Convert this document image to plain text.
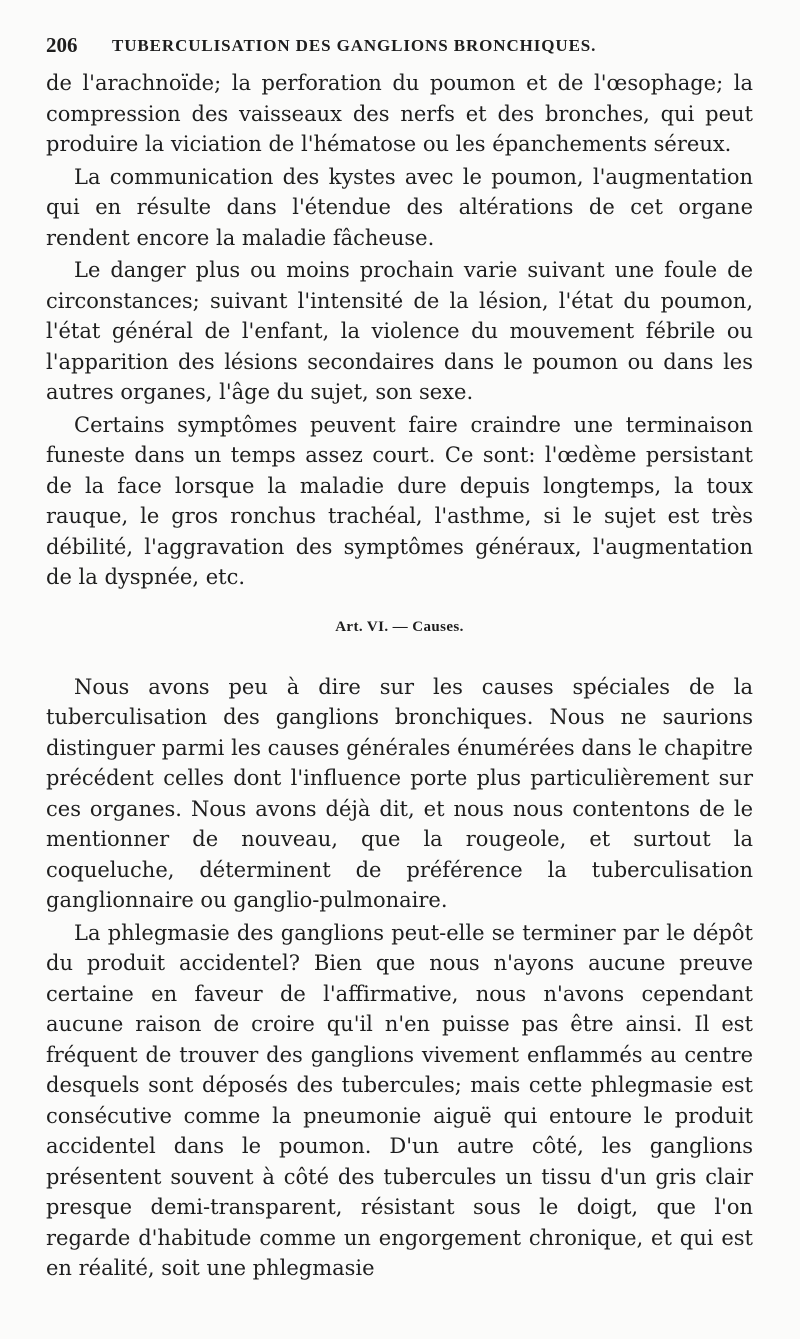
206 TUBERCULISATION DES GANGLIONS BRONCHIQUES.

de l'arachnoïde; la perforation du poumon et de l'œsophage; la compression des vaisseaux des nerfs et des bronches, qui peut produire la viciation de l'hématose ou les épanchements séreux.

La communication des kystes avec le poumon, l'augmentation qui en résulte dans l'étendue des altérations de cet organe rendent encore la maladie fâcheuse.

Le danger plus ou moins prochain varie suivant une foule de circonstances; suivant l'intensité de la lésion, l'état du poumon, l'état général de l'enfant, la violence du mouvement fébrile ou l'apparition des lésions secondaires dans le poumon ou dans les autres organes, l'âge du sujet, son sexe.

Certains symptômes peuvent faire craindre une terminaison funeste dans un temps assez court. Ce sont: l'œdème persistant de la face lorsque la maladie dure depuis longtemps, la toux rauque, le gros ronchus trachéal, l'asthme, si le sujet est très débilité, l'aggravation des symptômes généraux, l'augmentation de la dyspnée, etc.

Art. VI. — Causes.

Nous avons peu à dire sur les causes spéciales de la tuberculisation des ganglions bronchiques. Nous ne saurions distinguer parmi les causes générales énumérées dans le chapitre précédent celles dont l'influence porte plus particulièrement sur ces organes. Nous avons déjà dit, et nous nous contentons de le mentionner de nouveau, que la rougeole, et surtout la coqueluche, déterminent de préférence la tuberculisation ganglionnaire ou ganglio-pulmonaire.

La phlegmasie des ganglions peut-elle se terminer par le dépôt du produit accidentel? Bien que nous n'ayons aucune preuve certaine en faveur de l'affirmative, nous n'avons cependant aucune raison de croire qu'il n'en puisse pas être ainsi. Il est fréquent de trouver des ganglions vivement enflammés au centre desquels sont déposés des tubercules; mais cette phlegmasie est consécutive comme la pneumonie aiguë qui entoure le produit accidentel dans le poumon. D'un autre côté, les ganglions présentent souvent à côté des tubercules un tissu d'un gris clair presque demi-transparent, résistant sous le doigt, que l'on regarde d'habitude comme un engorgement chronique, et qui est en réalité, soit une phlegmasie
